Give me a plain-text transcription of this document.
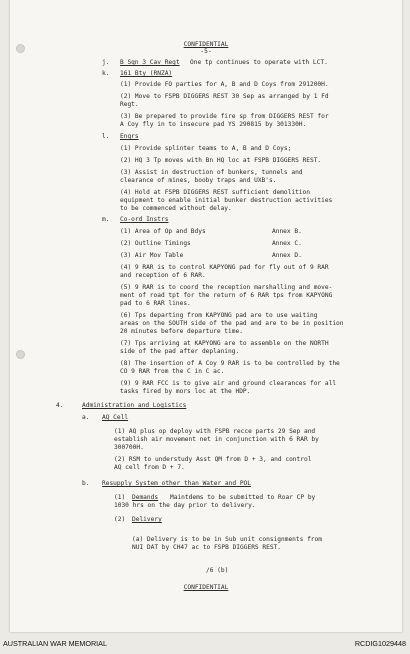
CONFIDENTIAL
-5-
j. B Sqn 3 Cav Regt One tp continues to operate with LCT.
k. 161 Bty (RNZA)
(1) Provide FO parties for A, B and D Coys from 291200H.
(2) Move to FSPB DIGGERS REST 30 Sep as arranged by 1 Fd
Regt.
(3) Be prepared to provide fire sp from DIGGERS REST for
A Coy fly in to insecure pad YS 290815 by 301330H.
l. Engrs
(1) Provide splinter teams to A, B and D Coys;
(2) HQ 3 Tp moves with Bn HQ loc at FSPB DIGGERS REST.
(3) Assist in destruction of bunkers, tunnels and
clearance of mines, booby traps and UXB's.
(4) Hold at FSPB DIGGERS REST sufficient demolition
equipment to enable initial bunker destruction activities
to be commenced without delay.
m. Co-ord Instrs
(1) Area of Op and Bdys	Annex B.
(2) Outline Timings	Annex C.
(3) Air Mov Table	Annex D.
(4) 9 RAR is to control KAPYONG pad for fly out of 9 RAR
and reception of 6 RAR.
(5) 9 RAR is to coord the reception marshalling and move-
ment of road tpt for the return of 6 RAR tps from KAPYONG
pad to 6 RAR lines.
(6) Tps departing from KAPYONG pad are to use waiting
areas on the SOUTH side of the pad and are to be in position
20 minutes before departure time.
(7) Tps arriving at KAPYONG are to assemble on the NORTH
side of the pad after deplaning.
(8) The insertion of A Coy 9 RAR is to be controlled by the
CO 9 RAR from the C in C ac.
(9) 9 RAR FCC is to give air and ground clearances for all
tasks fired by mors loc at the HDP.
4.	Administration and Logistics
a. AQ Cell
(1) AQ plus op deploy with FSPB recce parts 29 Sep and
establish air movement net in conjunction with 6 RAR by
300700H.
(2) RSM to understudy Asst QM from D + 3, and control
AQ cell from D + 7.
b. Resupply System other than Water and POL
(1) Demands Maintdems to be submitted to Roar CP by
1030 hrs on the day prior to delivery.
(2) Delivery
(a) Delivery is to be in Sub unit consignments from
NUI DAT by CH47 ac to FSPB DIGGERS REST.
/6 (b)
CONFIDENTIAL
AUSTRALIAN WAR MEMORIAL	RCDIG1029448
